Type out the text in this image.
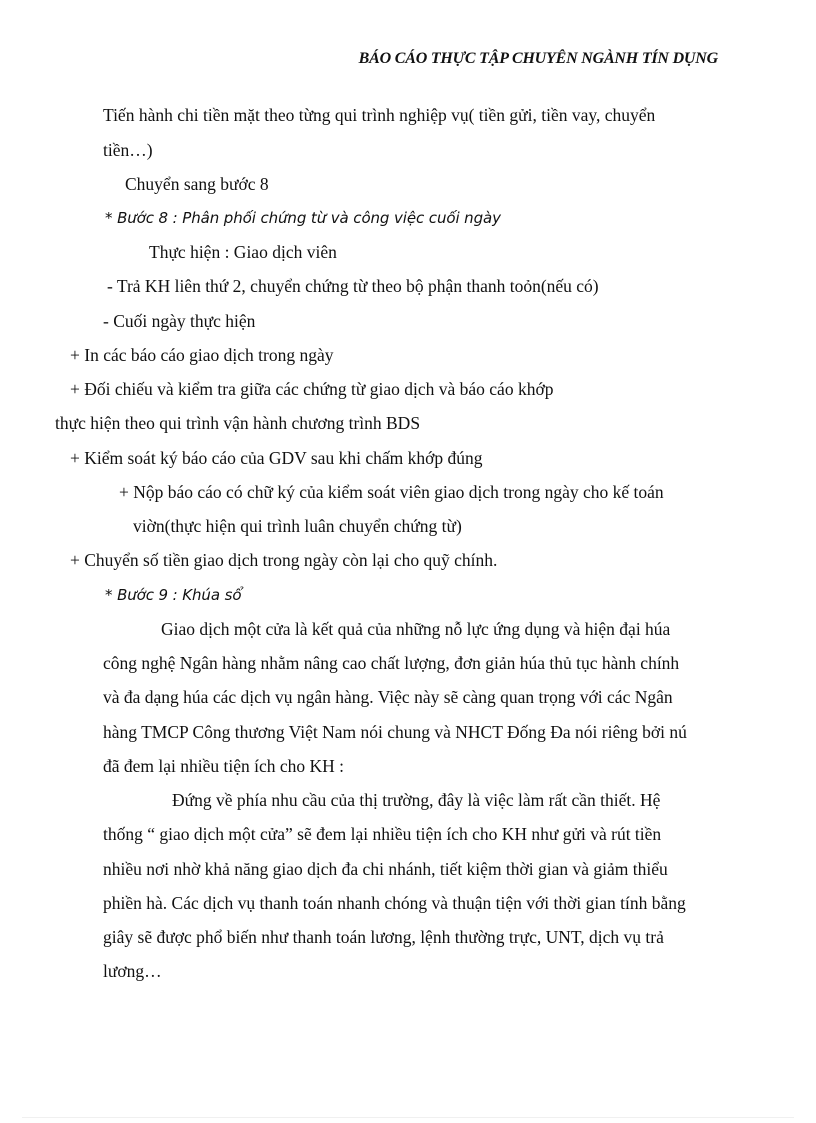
BÁO CÁO THỰC TẬP CHUYÊN NGÀNH TÍN DỤNG
Tiến hành chi tiền mặt theo từng qui trình nghiệp vụ( tiền gửi, tiền vay, chuyển
tiền…)
Chuyển sang bước 8
* Bước 8 : Phân phối chứng từ và công việc cuối ngày
Thực hiện : Giao dịch viên
- Trả KH liên thứ 2, chuyển chứng từ theo bộ phận thanh toỏn(nếu có)
- Cuối ngày thực hiện
+ In các báo cáo giao dịch trong ngày
+ Đối chiếu và kiểm tra giữa các chứng từ giao dịch và báo cáo khớp
thực hiện theo qui trình vận hành chương trình BDS
+ Kiểm soát ký báo cáo của GDV sau khi chấm khớp đúng
+ Nộp báo cáo có chữ ký của kiểm soát viên giao dịch trong ngày cho kế toán
viờn(thực hiện qui trình luân chuyển chứng từ)
+ Chuyển số tiền giao dịch trong ngày còn lại cho quỹ chính.
* Bước 9 : Khúa sổ
Giao dịch một cửa là kết quả của những nỗ lực ứng dụng và hiện đại húa
công nghệ Ngân hàng nhằm nâng cao chất lượng, đơn giản húa thủ tục hành chính
và đa dạng húa các dịch vụ ngân hàng. Việc này sẽ càng quan trọng với các Ngân
hàng TMCP Công thương Việt Nam nói chung và NHCT Đống Đa nói riêng bởi nú
đã đem lại nhiều tiện ích cho KH :
Đứng về phía nhu cầu của thị trường, đây là việc làm rất cần thiết. Hệ
thống “ giao dịch một cửa” sẽ đem lại nhiều tiện ích cho KH như gửi và rút tiền
nhiều nơi nhờ khả năng giao dịch đa chi nhánh, tiết kiệm thời gian và giảm thiểu
phiền hà. Các dịch vụ thanh toán nhanh chóng và thuận tiện với thời gian tính bằng
giây sẽ được phổ biến như thanh toán lương, lệnh thường trực, UNT, dịch vụ trả
lương…
